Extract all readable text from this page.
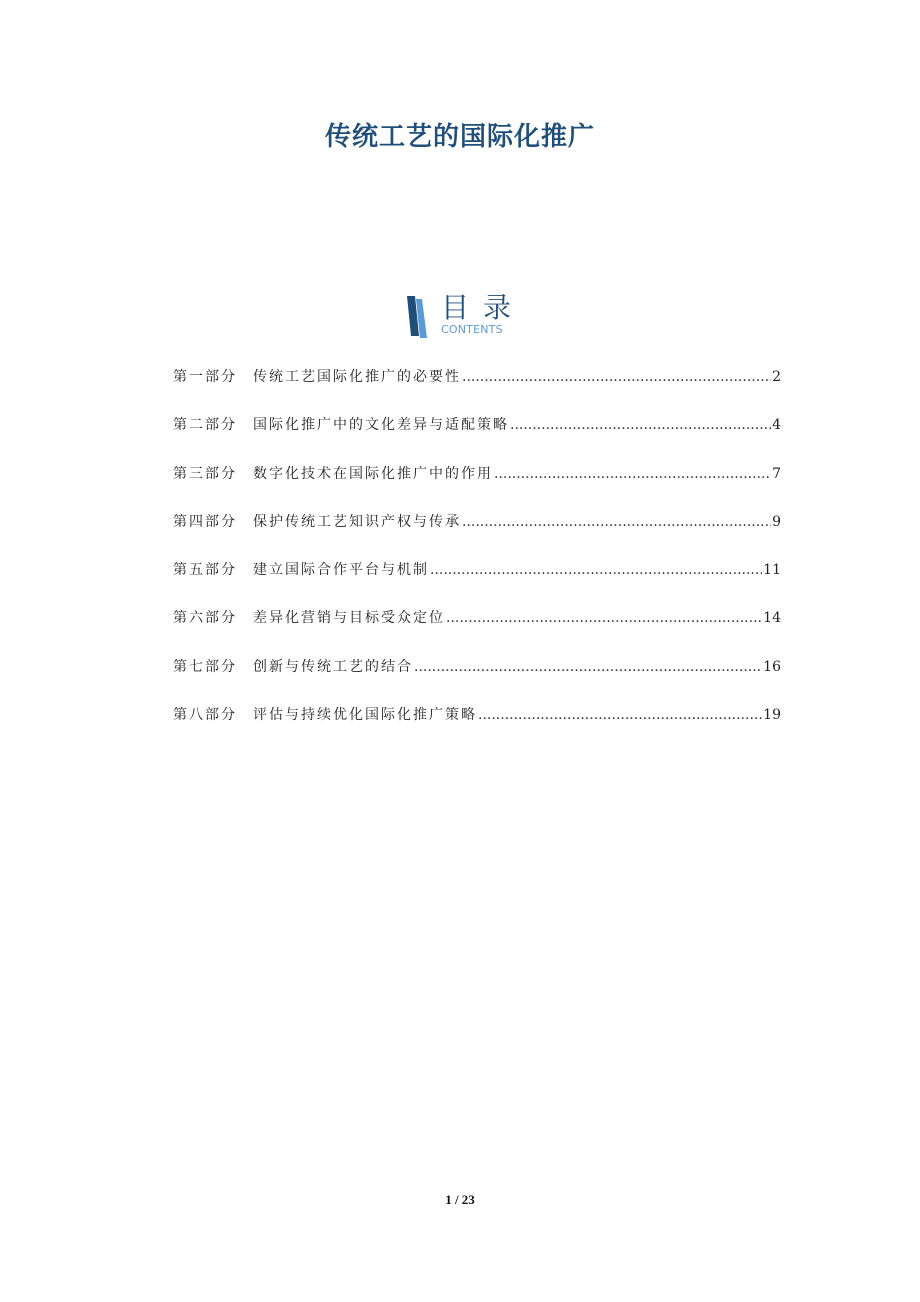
传统工艺的国际化推广
目录
CONTENTS
第一部分 传统工艺国际化推广的必要性 .....	2
第二部分 国际化推广中的文化差异与适配策略 .....	4
第三部分 数字化技术在国际化推广中的作用 .....	7
第四部分 保护传统工艺知识产权与传承 .....	9
第五部分 建立国际合作平台与机制 .....	11
第六部分 差异化营销与目标受众定位 .....	14
第七部分 创新与传统工艺的结合 .....	16
第八部分 评估与持续优化国际化推广策略 .....	19
1 / 23
